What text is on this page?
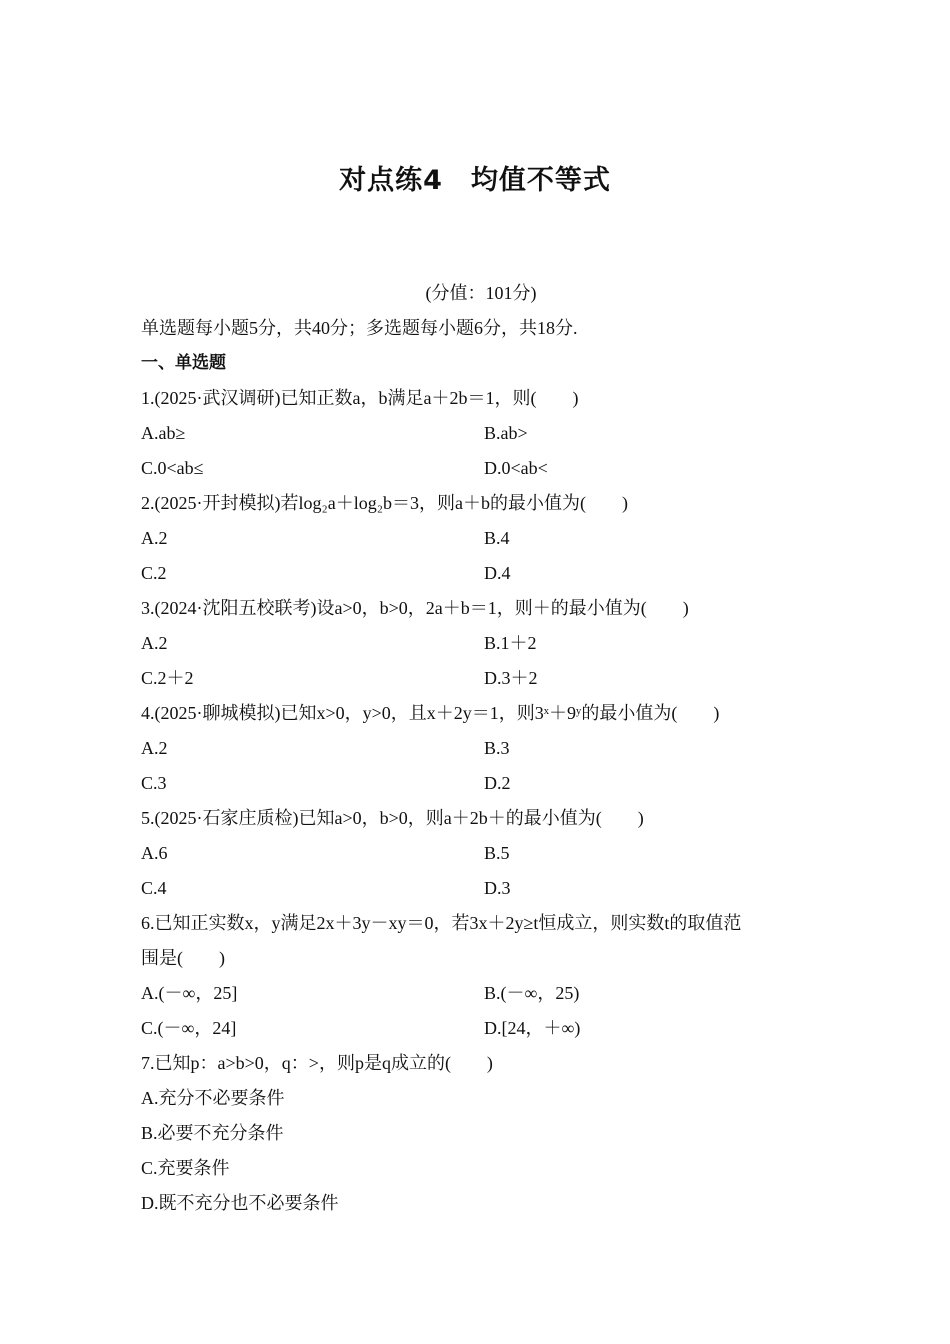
对点练4　均值不等式
(分值：101分)
单选题每小题5分，共40分；多选题每小题6分，共18分.
一、单选题
1.(2025·武汉调研)已知正数a，b满足a＋2b＝1，则(　　)
A.ab≥	B.ab>
C.0<ab≤	D.0<ab<
2.(2025·开封模拟)若log₂a＋log₂b＝3，则a＋b的最小值为(　　)
A.2	B.4
C.2	D.4
3.(2024·沈阳五校联考)设a>0，b>0，2a＋b＝1，则＋的最小值为(　　)
A.2	B.1＋2
C.2＋2	D.3＋2
4.(2025·聊城模拟)已知x>0，y>0，且x＋2y＝1，则3ˣ＋9ʸ的最小值为(　　)
A.2	B.3
C.3	D.2
5.(2025·石家庄质检)已知a>0，b>0，则a＋2b＋的最小值为(　　)
A.6	B.5
C.4	D.3
6.已知正实数x，y满足2x＋3y－xy＝0，若3x＋2y≥t恒成立，则实数t的取值范
围是(　　)
A.(－∞，25]	B.(－∞，25)
C.(－∞，24]	D.[24，＋∞)
7.已知p：a>b>0，q：>，则p是q成立的(　　)
A.充分不必要条件
B.必要不充分条件
C.充要条件
D.既不充分也不必要条件
